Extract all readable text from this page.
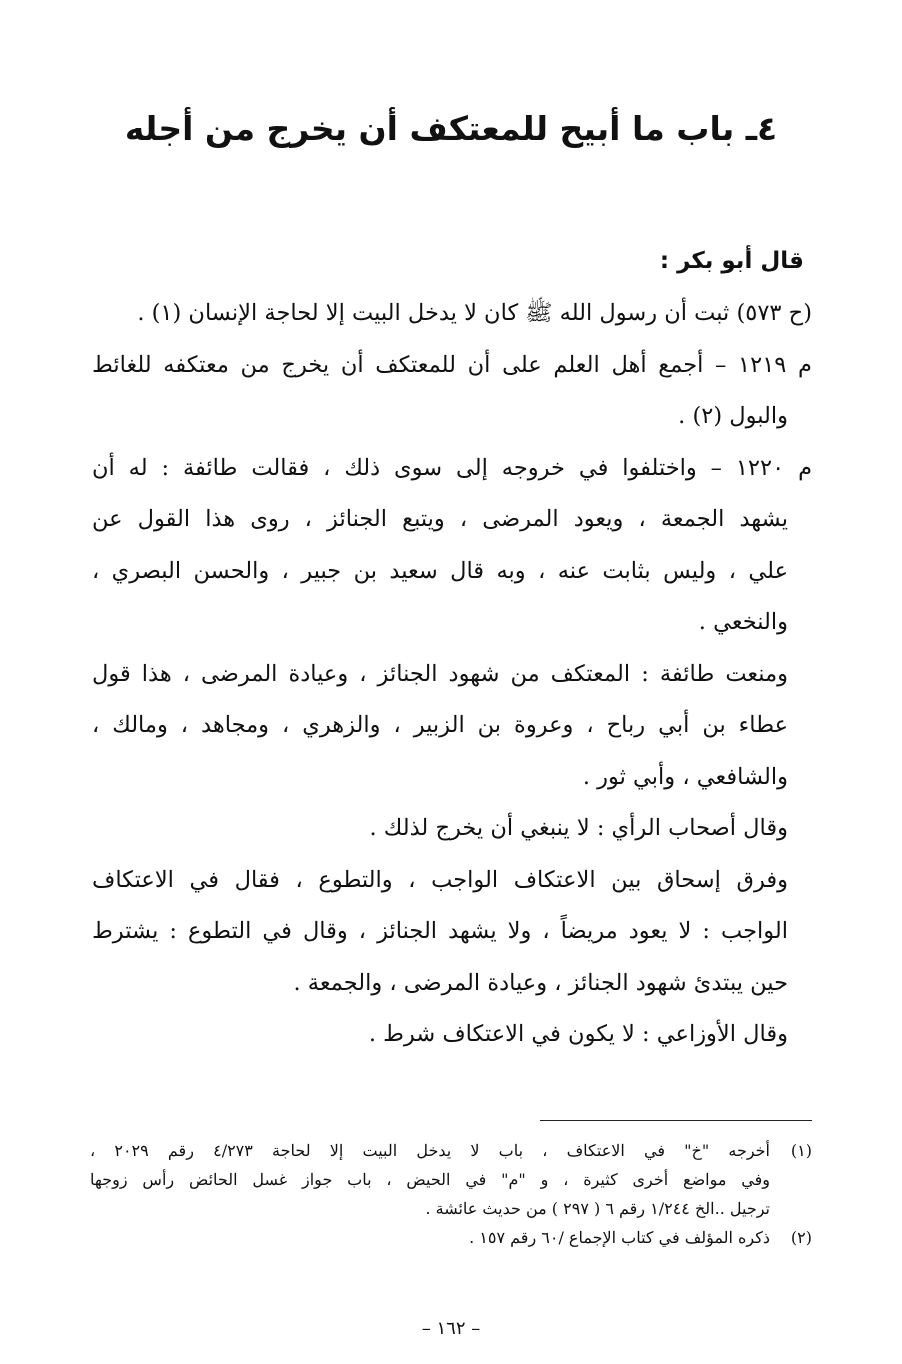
٤ـ باب ما أبيح للمعتكف أن يخرج من أجله
قال أبو بكر :
(ح ٥٧٣) ثبت أن رسول الله ﷺ كان لا يدخل البيت إلا لحاجة الإنسان (١) .
م ١٢١٩ – أجمع أهل العلم على أن للمعتكف أن يخرج من معتكفه للغائط
والبول (٢) .
م ١٢٢٠ – واختلفوا في خروجه إلى سوى ذلك ، فقالت طائفة : له أن
يشهد الجمعة ، ويعود المرضى ، ويتبع الجنائز ، روى هذا القول عن
علي ، وليس بثابت عنه ، وبه قال سعيد بن جبير ، والحسن البصري ،
والنخعي .
ومنعت طائفة : المعتكف من شهود الجنائز ، وعيادة المرضى ، هذا قول
عطاء بن أبي رباح ، وعروة بن الزبير ، والزهري ، ومجاهد ، ومالك ،
والشافعي ، وأبي ثور .
وقال أصحاب الرأي : لا ينبغي أن يخرج لذلك .
وفرق إسحاق بين الاعتكاف الواجب ، والتطوع ، فقال في الاعتكاف
الواجب : لا يعود مريضاً ، ولا يشهد الجنائز ، وقال في التطوع : يشترط
حين يبتدئ شهود الجنائز ، وعيادة المرضى ، والجمعة .
وقال الأوزاعي : لا يكون في الاعتكاف شرط .
(١)
أخرجه "خ" في الاعتكاف ، باب لا يدخل البيت إلا لحاجة ٤/٢٧٣ رقم ٢٠٢٩ ،
وفي مواضع أخرى كثيرة ، و "م" في الحيض ، باب جواز غسل الحائض رأس زوجها
ترجيل ..الخ ١/٢٤٤ رقم ٦ ( ٢٩٧ ) من حديث عائشة .
(٢)
ذكره المؤلف في كتاب الإجماع /٦٠ رقم ١٥٧ .
– ١٦٢ –
